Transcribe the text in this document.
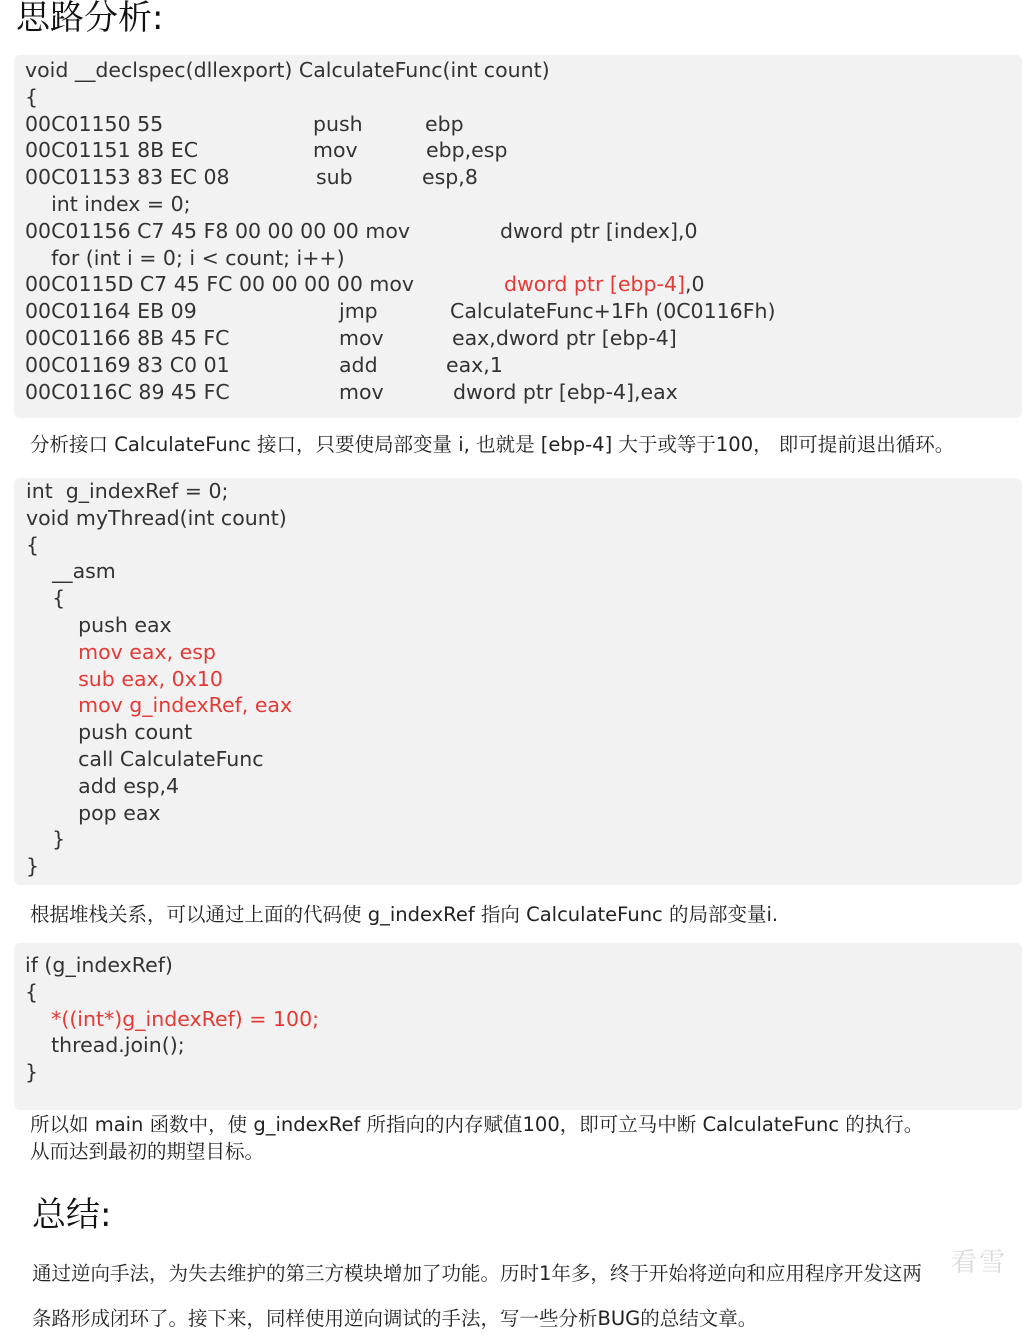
思路分析:
void __declspec(dllexport) CalculateFunc(int count)
{
00C01150 55	push	ebp
00C01151 8B EC	mov	ebp,esp
00C01153 83 EC 08	sub	esp,8
int index = 0;
00C01156 C7 45 F8 00 00 00 00 mov	dword ptr [index],0
for (int i = 0; i < count; i++)
00C0115D C7 45 FC 00 00 00 00 mov	dword ptr [ebp-4],0
00C01164 EB 09	jmp	CalculateFunc+1Fh (0C0116Fh)
00C01166 8B 45 FC	mov	eax,dword ptr [ebp-4]
00C01169 83 C0 01	add	eax,1
00C0116C 89 45 FC	mov	dword ptr [ebp-4],eax
分析接口 CalculateFunc 接口，只要使局部变量 i, 也就是 [ebp-4] 大于或等于100， 即可提前退出循环。
int  g_indexRef = 0;
void myThread(int count)
{
__asm
{
push eax
mov eax, esp
sub eax, 0x10
mov g_indexRef, eax
push count
call CalculateFunc
add esp,4
pop eax
}
}
根据堆栈关系，可以通过上面的代码使 g_indexRef 指向 CalculateFunc 的局部变量i.
if (g_indexRef)
{
*((int*)g_indexRef) = 100;
thread.join();
}
所以如 main 函数中，使 g_indexRef 所指向的内存赋值100，即可立马中断 CalculateFunc 的执行。
从而达到最初的期望目标。
总结:
通过逆向手法，为失去维护的第三方模块增加了功能。历时1年多，终于开始将逆向和应用程序开发这两
条路形成闭环了。接下来，同样使用逆向调试的手法，写一些分析BUG的总结文章。
看雪
